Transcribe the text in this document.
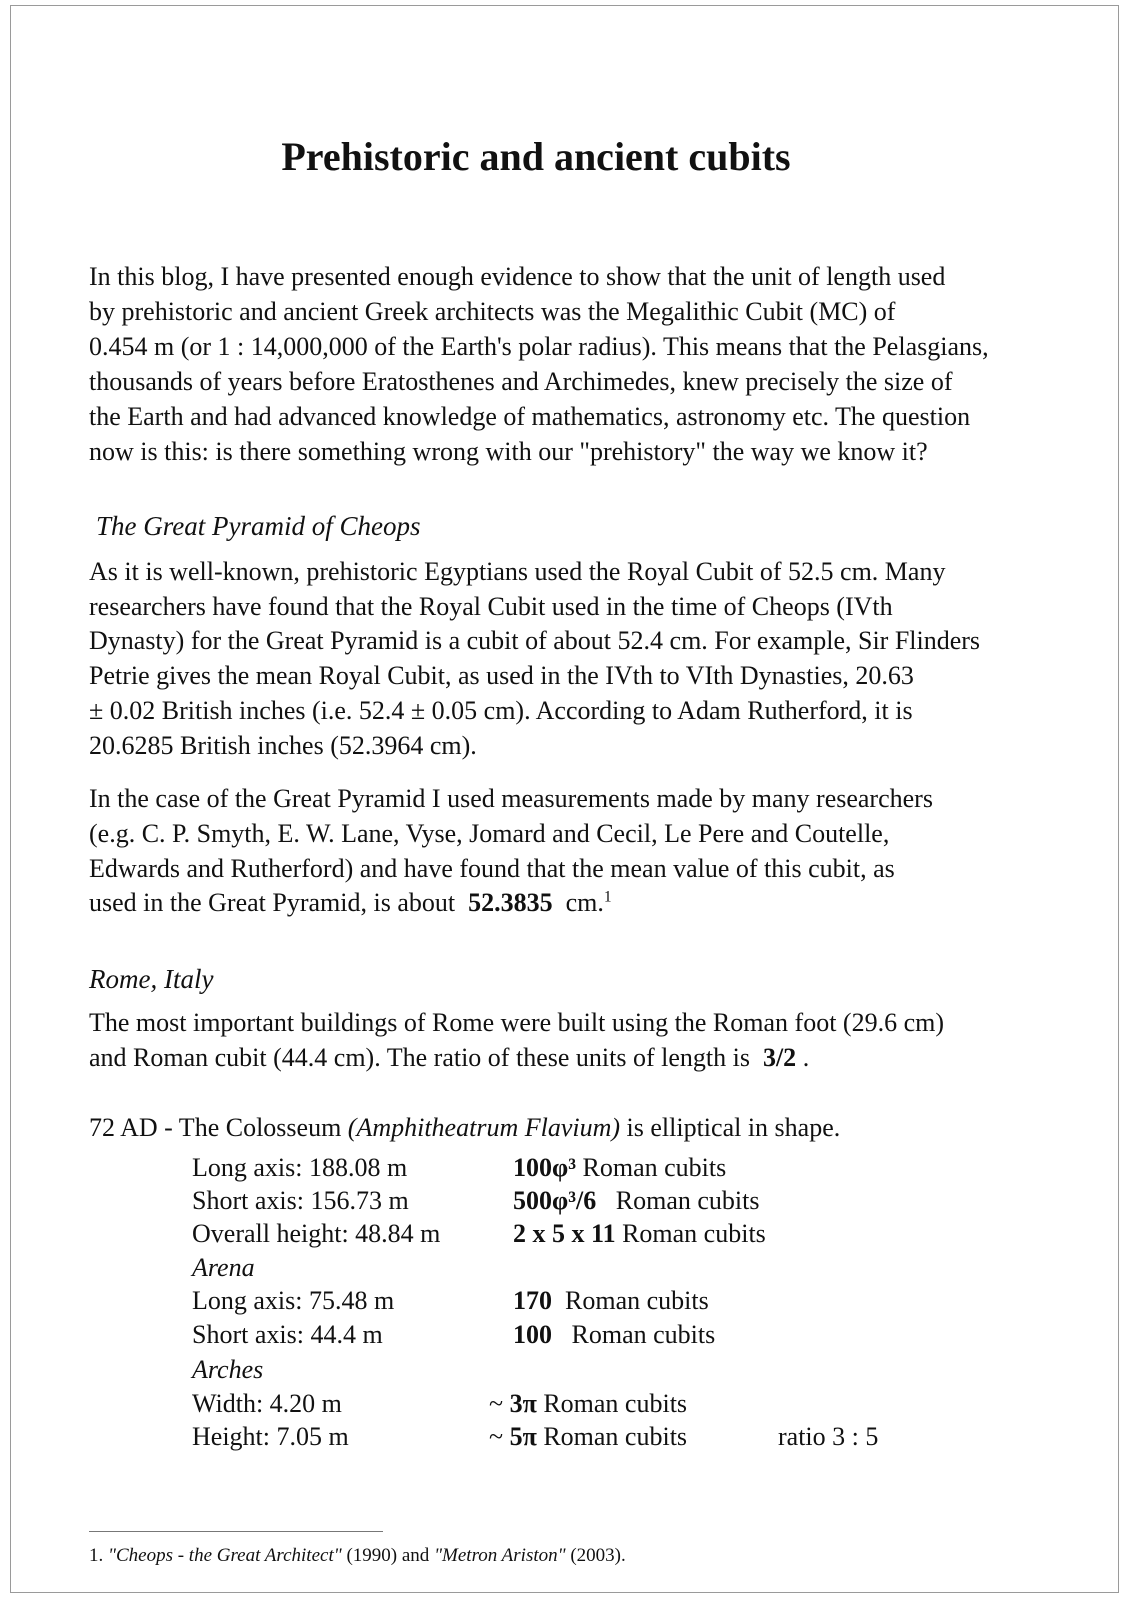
Prehistoric and ancient cubits
In this blog, I have presented enough evidence to show that the unit of length used
by prehistoric and ancient Greek architects was the Megalithic Cubit (MC) of
0.454 m (or 1 : 14,000,000 of the Earth's polar radius). This means that the Pelasgians,
thousands of years before Eratosthenes and Archimedes, knew precisely the size of
the Earth and had advanced knowledge of mathematics, astronomy etc. The question
now is this: is there something wrong with our "prehistory" the way we know it?
The Great Pyramid of Cheops
As it is well-known, prehistoric Egyptians used the Royal Cubit of 52.5 cm. Many
researchers have found that the Royal Cubit used in the time of Cheops (IVth
Dynasty) for the Great Pyramid is a cubit of about 52.4 cm. For example, Sir Flinders
Petrie gives the mean Royal Cubit, as used in the IVth to VIth Dynasties, 20.63
± 0.02 British inches (i.e. 52.4 ± 0.05 cm). According to Adam Rutherford, it is
20.6285 British inches (52.3964 cm).
In the case of the Great Pyramid I used measurements made by many researchers
(e.g. C. P. Smyth, E. W. Lane, Vyse, Jomard and Cecil, Le Pere and Coutelle,
Edwards and Rutherford) and have found that the mean value of this cubit, as
used in the Great Pyramid, is about 52.3835 cm.$^1$
Rome, Italy
The most important buildings of Rome were built using the Roman foot (29.6 cm)
and Roman cubit (44.4 cm). The ratio of these units of length is 3/2 .
72 AD - The Colosseum (Amphitheatrum Flavium) is elliptical in shape.
Long axis: 188.08 m	100φ³ Roman cubits
Short axis: 156.73 m	500φ³/6 Roman cubits
Overall height: 48.84 m	2 x 5 x 11 Roman cubits
Arena
Long axis: 75.48 m	170 Roman cubits
Short axis: 44.4 m	100 Roman cubits
Arches
Width: 4.20 m	~ 3π Roman cubits
Height: 7.05 m	~ 5π Roman cubits	ratio 3 : 5
1. "Cheops - the Great Architect" (1990) and "Metron Ariston" (2003).
